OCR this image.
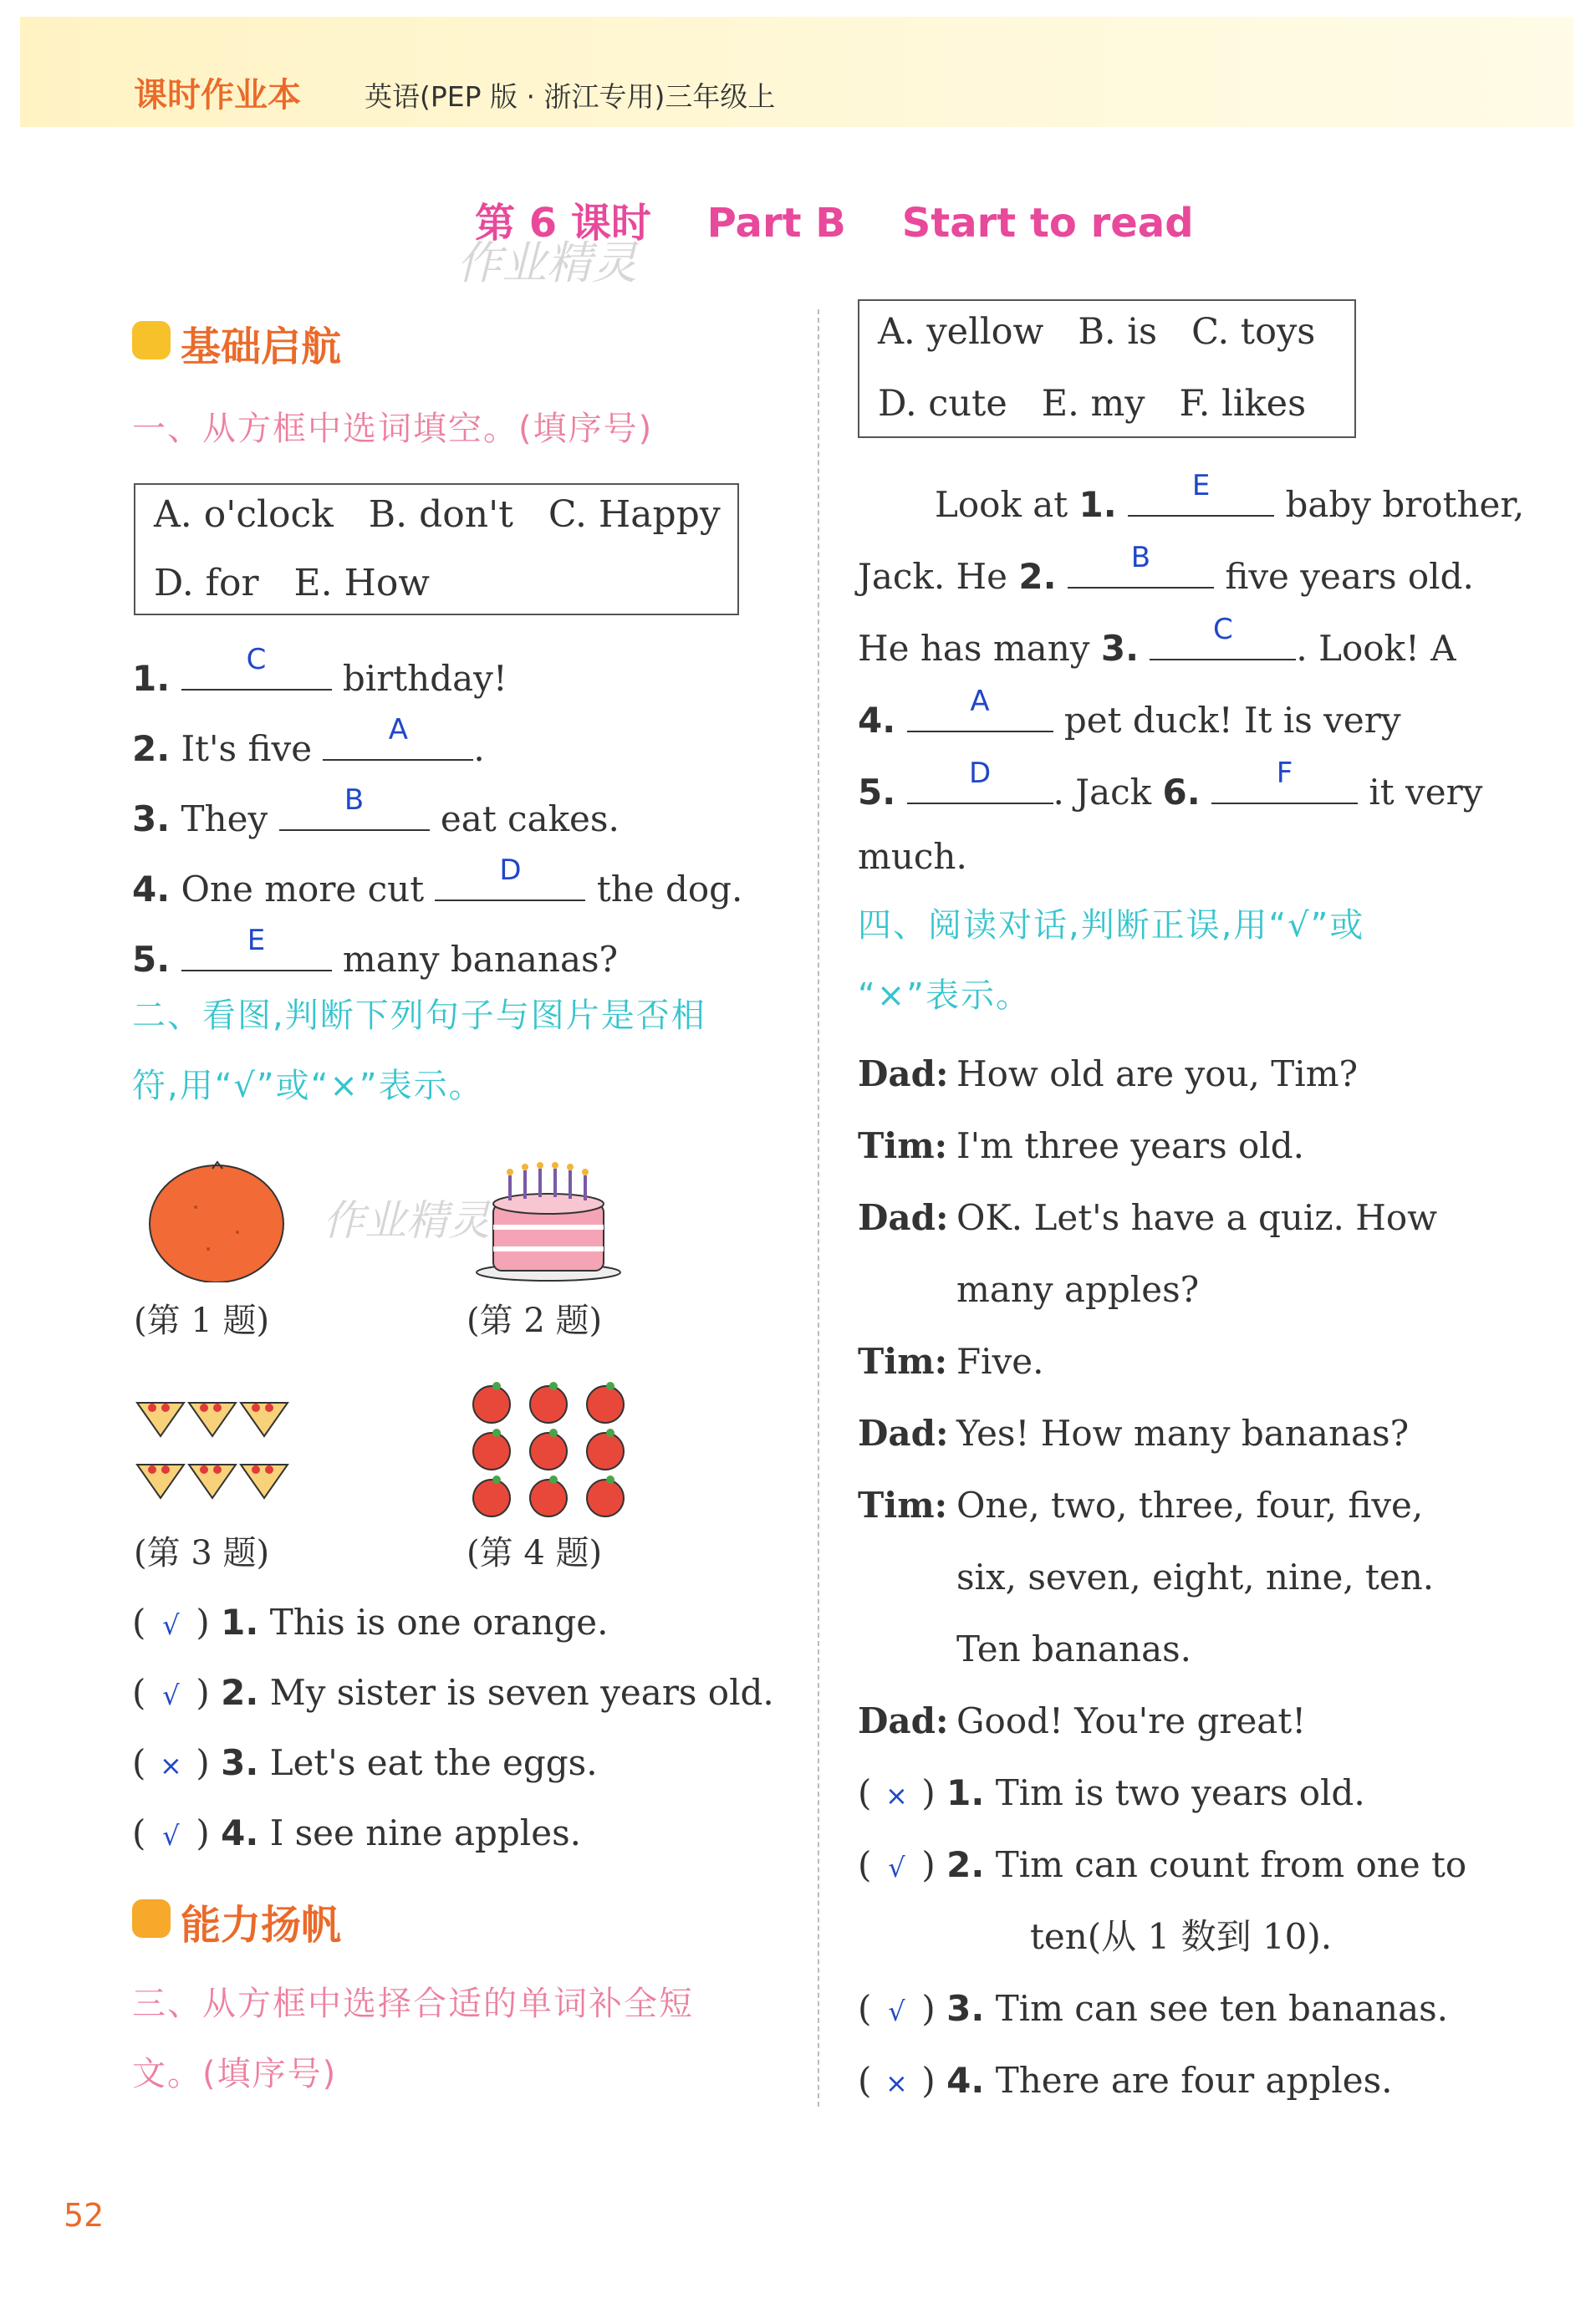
课时作业本 英语(PEP 版 · 浙江专用)三年级上
第 6 课时    Part B    Start to read
作业精灵
基础启航
一、从方框中选词填空。(填序号)
A. o'clock   B. don't   C. Happy
D. for   E. How
1.	C	birthday!
2. It's five	A	.
3. They	B	eat cakes.
4. One more cut	D	the dog.
5.	E	many bananas?
二、看图,判断下列句子与图片是否相
符,用“√”或“×”表示。
作业精灵
(第 1 题)	(第 2 题)
(第 3 题)	(第 4 题)
( √ ) 1. This is one orange.
( √ ) 2. My sister is seven years old.
( × ) 3. Let's eat the eggs.
( √ ) 4. I see nine apples.
能力扬帆
三、从方框中选择合适的单词补全短
文。(填序号)
52
A. yellow   B. is   C. toys
D. cute   E. my   F. likes
Look at 1.	E	baby brother,
Jack. He 2.	B	five years old.
He has many 3.	C	. Look! A
4.	A	pet duck! It is very
5.	D	. Jack 6.	F	it very
much.
四、阅读对话,判断正误,用“√”或
“×”表示。
Dad: How old are you, Tim?
Tim: I'm three years old.
Dad: OK. Let's have a quiz. How
many apples?
Tim: Five.
Dad: Yes! How many bananas?
Tim: One, two, three, four, five,
six, seven, eight, nine, ten.
Ten bananas.
Dad: Good! You're great!
( × ) 1. Tim is two years old.
( √ ) 2. Tim can count from one to
ten(从 1 数到 10).
( √ ) 3. Tim can see ten bananas.
( × ) 4. There are four apples.
